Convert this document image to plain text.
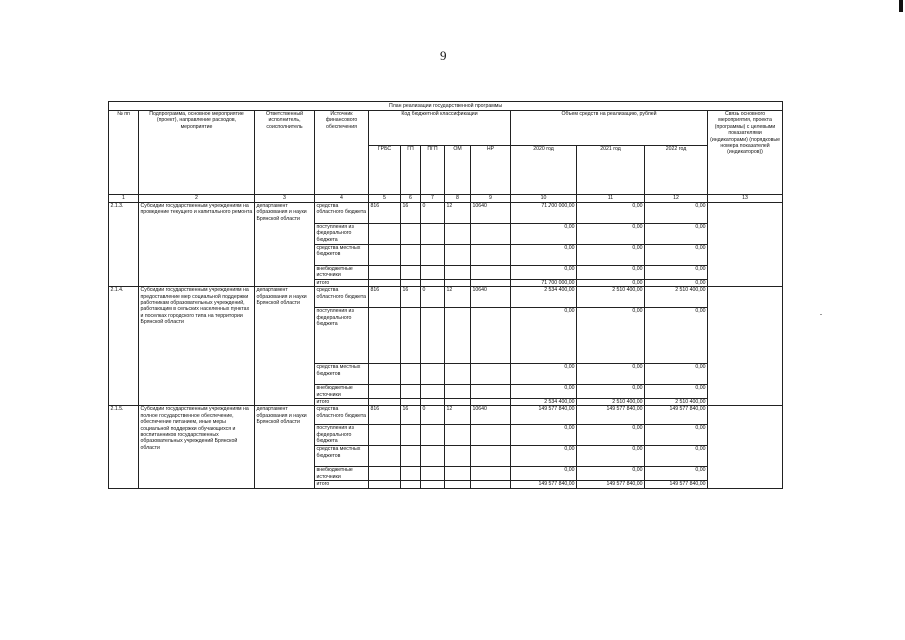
9
План реализации государственной программы												
№ пп	Подпрограмма, основное мероприятие (проект), направление расходов, мероприятие	Ответственный исполнитель, соисполнитель	Источник финансового обеспечения	Код бюджетной классификации					Объем средств на реализацию, рублей			Связь основного мероприятия, проекта (программы) с целевыми показателями (индикаторами) (порядковые номера показателей (индикаторов))
				ГРБС	ГП	ПГП	ОМ	НР	2020 год	2021 год	2022 год	
1	2	3	4	5	6	7	8	9	10	11	12	13
2.1.3.	Субсидии государственным учреждениям на проведение текущего и капитального ремонта	департамент образования и науки Брянской области	средства областного бюджета	816	16	0	12	10640	71 700 000,00	0,00	0,00	
			поступления из федерального бюджета						0,00	0,00	0,00	
			средства местных бюджетов						0,00	0,00	0,00	
			внебюджетные источники						0,00	0,00	0,00	
			итого						71 700 000,00	0,00	0,00	
2.1.4.	Субсидии государственным учреждениям на предоставление мер социальной поддержки работникам образовательных учреждений, работающим в сельских населенных пунктах и поселках городского типа на территории Брянской области	департамент образования и науки Брянской области	средства областного бюджета	816	16	0	12	10640	2 534 400,00	2 510 400,00	2 510 400,00	
			поступления из федерального бюджета						0,00	0,00	0,00	
			средства местных бюджетов						0,00	0,00	0,00	
			внебюджетные источники						0,00	0,00	0,00	
			итого						2 534 400,00	2 510 400,00	2 510 400,00	
2.1.5.	Субсидии государственным учреждениям на полное государственное обеспечение, обеспечение питанием, иные меры социальной поддержки обучающихся и воспитанников государственных образовательных учреждений Брянской области	департамент образования и науки Брянской области	средства областного бюджета	816	16	0	12	10640	149 577 840,00	149 577 840,00	149 577 840,00	
			поступления из федерального бюджета						0,00	0,00	0,00	
			средства местных бюджетов						0,00	0,00	0,00	
			внебюджетные источники						0,00	0,00	0,00	
			итого						149 577 840,00	149 577 840,00	149 577 840,00	
